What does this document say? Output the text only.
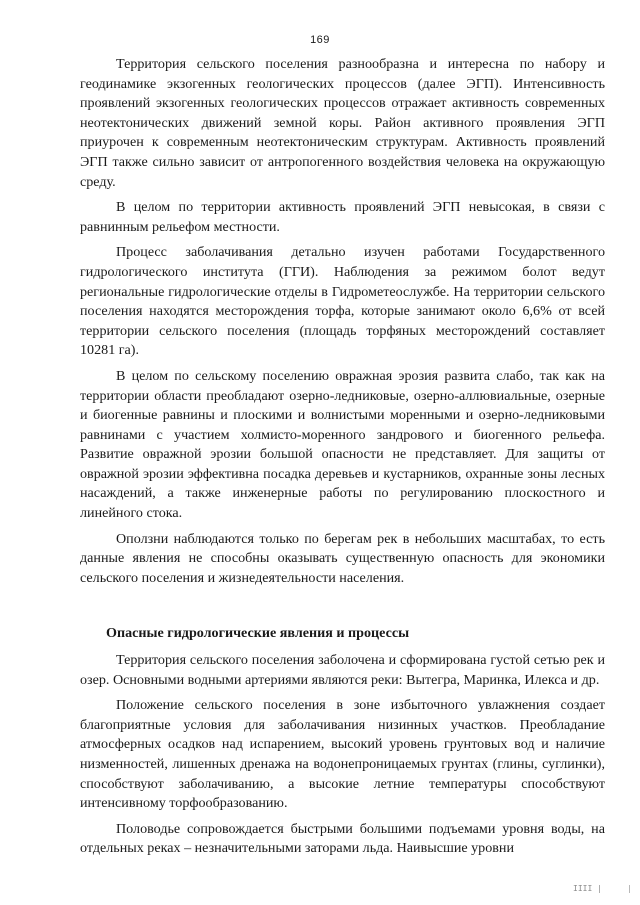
169

Территория сельского поселения разнообразна и интересна по набору и геодинамике экзогенных геологических процессов (далее ЭГП). Интенсивность проявлений экзогенных геологических процессов отражает активность современных неотектонических движений земной коры. Район активного проявления ЭГП приурочен к современным неотектоническим структурам. Активность проявлений ЭГП также сильно зависит от антропогенного воздействия человека на окружающую среду.

В целом по территории активность проявлений ЭГП невысокая, в связи с равнинным рельефом местности.

Процесс заболачивания детально изучен работами Государственного гидрологического института (ГГИ). Наблюдения за режимом болот ведут региональные гидрологические отделы в Гидрометеослужбе. На территории сельского поселения находятся месторождения торфа, которые занимают около 6,6% от всей территории сельского поселения (площадь торфяных месторождений составляет 10281 га).

В целом по сельскому поселению овражная эрозия развита слабо, так как на территории области преобладают озерно-ледниковые, озерно-аллювиальные, озерные и биогенные равнины и плоскими и волнистыми моренными и озерно-ледниковыми равнинами с участием холмисто-моренного зандрового и биогенного рельефа. Развитие овражной эрозии большой опасности не представляет. Для защиты от овражной эрозии эффективна посадка деревьев и кустарников, охранные зоны лесных насаждений, а также инженерные работы по регулированию плоскостного и линейного стока.

Оползни наблюдаются только по берегам рек в небольших масштабах, то есть данные явления не способны оказывать существенную опасность для экономики сельского поселения и жизнедеятельности населения.

Опасные гидрологические явления и процессы

Территория сельского поселения заболочена и сформирована густой сетью рек и озер. Основными водными артериями являются реки: Вытегра, Маринка, Илекса и др.

Положение сельского поселения в зоне избыточного увлажнения создает благоприятные условия для заболачивания низинных участков. Преобладание атмосферных осадков над испарением, высокий уровень грунтовых вод и наличие низменностей, лишенных дренажа на водонепроницаемых грунтах (глины, суглинки), способствуют заболачиванию, а высокие летние температуры способствуют интенсивному торфообразованию.

Половодье сопровождается быстрыми большими подъемами уровня воды, на отдельных реках – незначительными заторами льда. Наивысшие уровни

IIII |	|
